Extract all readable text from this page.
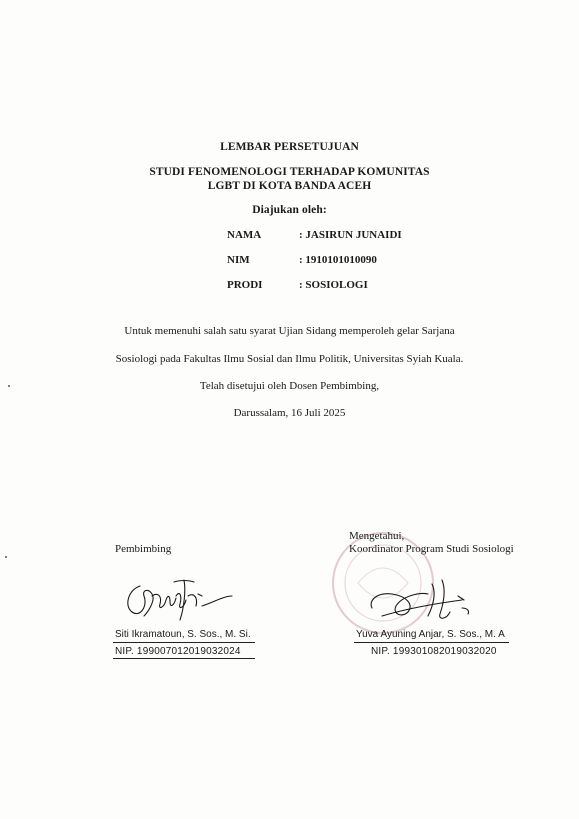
LEMBAR PERSETUJUAN
STUDI FENOMENOLOGI TERHADAP KOMUNITAS
LGBT DI KOTA BANDA ACEH
Diajukan oleh:
NAMA	: JASIRUN JUNAIDI
NIM	: 1910101010090
PRODI	: SOSIOLOGI
Untuk memenuhi salah satu syarat Ujian Sidang memperoleh gelar Sarjana
Sosiologi pada Fakultas Ilmu Sosial dan Ilmu Politik, Universitas Syiah Kuala.
Telah disetujui oleh Dosen Pembimbing,
Darussalam, 16 Juli 2025
Pembimbing
Siti Ikramatoun, S. Sos., M. Si.
NIP. 199007012019032024
Mengetahui,
Koordinator Program Studi Sosiologi
Yuva Ayuning Anjar, S. Sos., M. A
NIP. 199301082019032020
